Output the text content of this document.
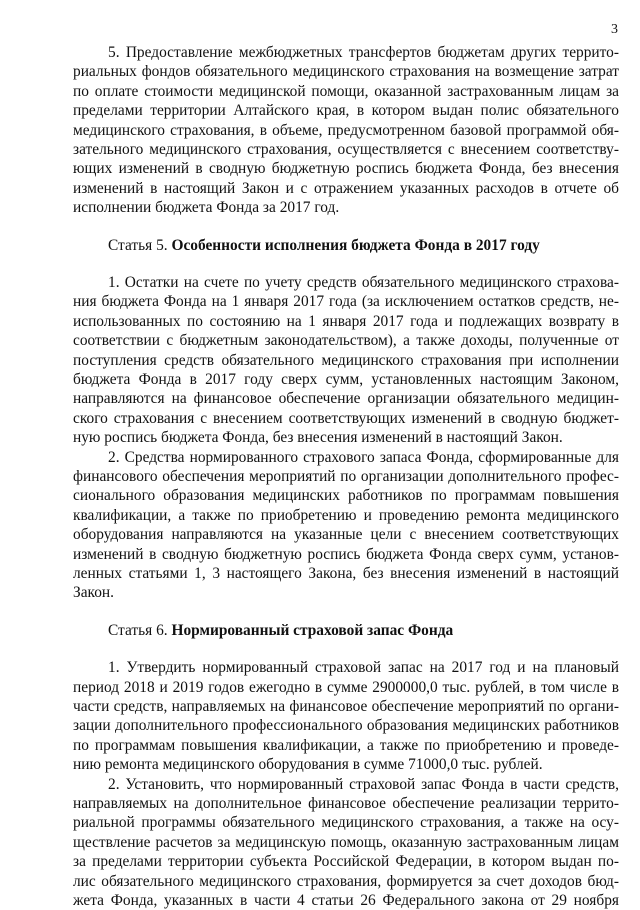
3
5. Предоставление межбюджетных трансфертов бюджетам других террито-
риальных фондов обязательного медицинского страхования на возмещение затрат
по оплате стоимости медицинской помощи, оказанной застрахованным лицам за
пределами территории Алтайского края, в котором выдан полис обязательного
медицинского страхования, в объеме, предусмотренном базовой программой обя-
зательного медицинского страхования, осуществляется с внесением соответству-
ющих изменений в сводную бюджетную роспись бюджета Фонда, без внесения
изменений в настоящий Закон и с отражением указанных расходов в отчете об
исполнении бюджета Фонда за 2017 год.
Статья 5. Особенности исполнения бюджета Фонда в 2017 году
1. Остатки на счете по учету средств обязательного медицинского страхова-
ния бюджета Фонда на 1 января 2017 года (за исключением остатков средств, не-
использованных по состоянию на 1 января 2017 года и подлежащих возврату в
соответствии с бюджетным законодательством), а также доходы, полученные от
поступления средств обязательного медицинского страхования при исполнении
бюджета Фонда в 2017 году сверх сумм, установленных настоящим Законом,
направляются на финансовое обеспечение организации обязательного медицин-
ского страхования с внесением соответствующих изменений в сводную бюджет-
ную роспись бюджета Фонда, без внесения изменений в настоящий Закон.
2. Средства нормированного страхового запаса Фонда, сформированные для
финансового обеспечения мероприятий по организации дополнительного профес-
сионального образования медицинских работников по программам повышения
квалификации, а также по приобретению и проведению ремонта медицинского
оборудования направляются на указанные цели с внесением соответствующих
изменений в сводную бюджетную роспись бюджета Фонда сверх сумм, установ-
ленных статьями 1, 3 настоящего Закона, без внесения изменений в настоящий
Закон.
Статья 6. Нормированный страховой запас Фонда
1. Утвердить нормированный страховой запас на 2017 год и на плановый
период 2018 и 2019 годов ежегодно в сумме 2900000,0 тыс. рублей, в том числе в
части средств, направляемых на финансовое обеспечение мероприятий по органи-
зации дополнительного профессионального образования медицинских работников
по программам повышения квалификации, а также по приобретению и проведе-
нию ремонта медицинского оборудования в сумме 71000,0 тыс. рублей.
2. Установить, что нормированный страховой запас Фонда в части средств,
направляемых на дополнительное финансовое обеспечение реализации террито-
риальной программы обязательного медицинского страхования, а также на осу-
ществление расчетов за медицинскую помощь, оказанную застрахованным лицам
за пределами территории субъекта Российской Федерации, в котором выдан по-
лис обязательного медицинского страхования, формируется за счет доходов бюд-
жета Фонда, указанных в части 4 статьи 26 Федерального закона от 29 ноября
